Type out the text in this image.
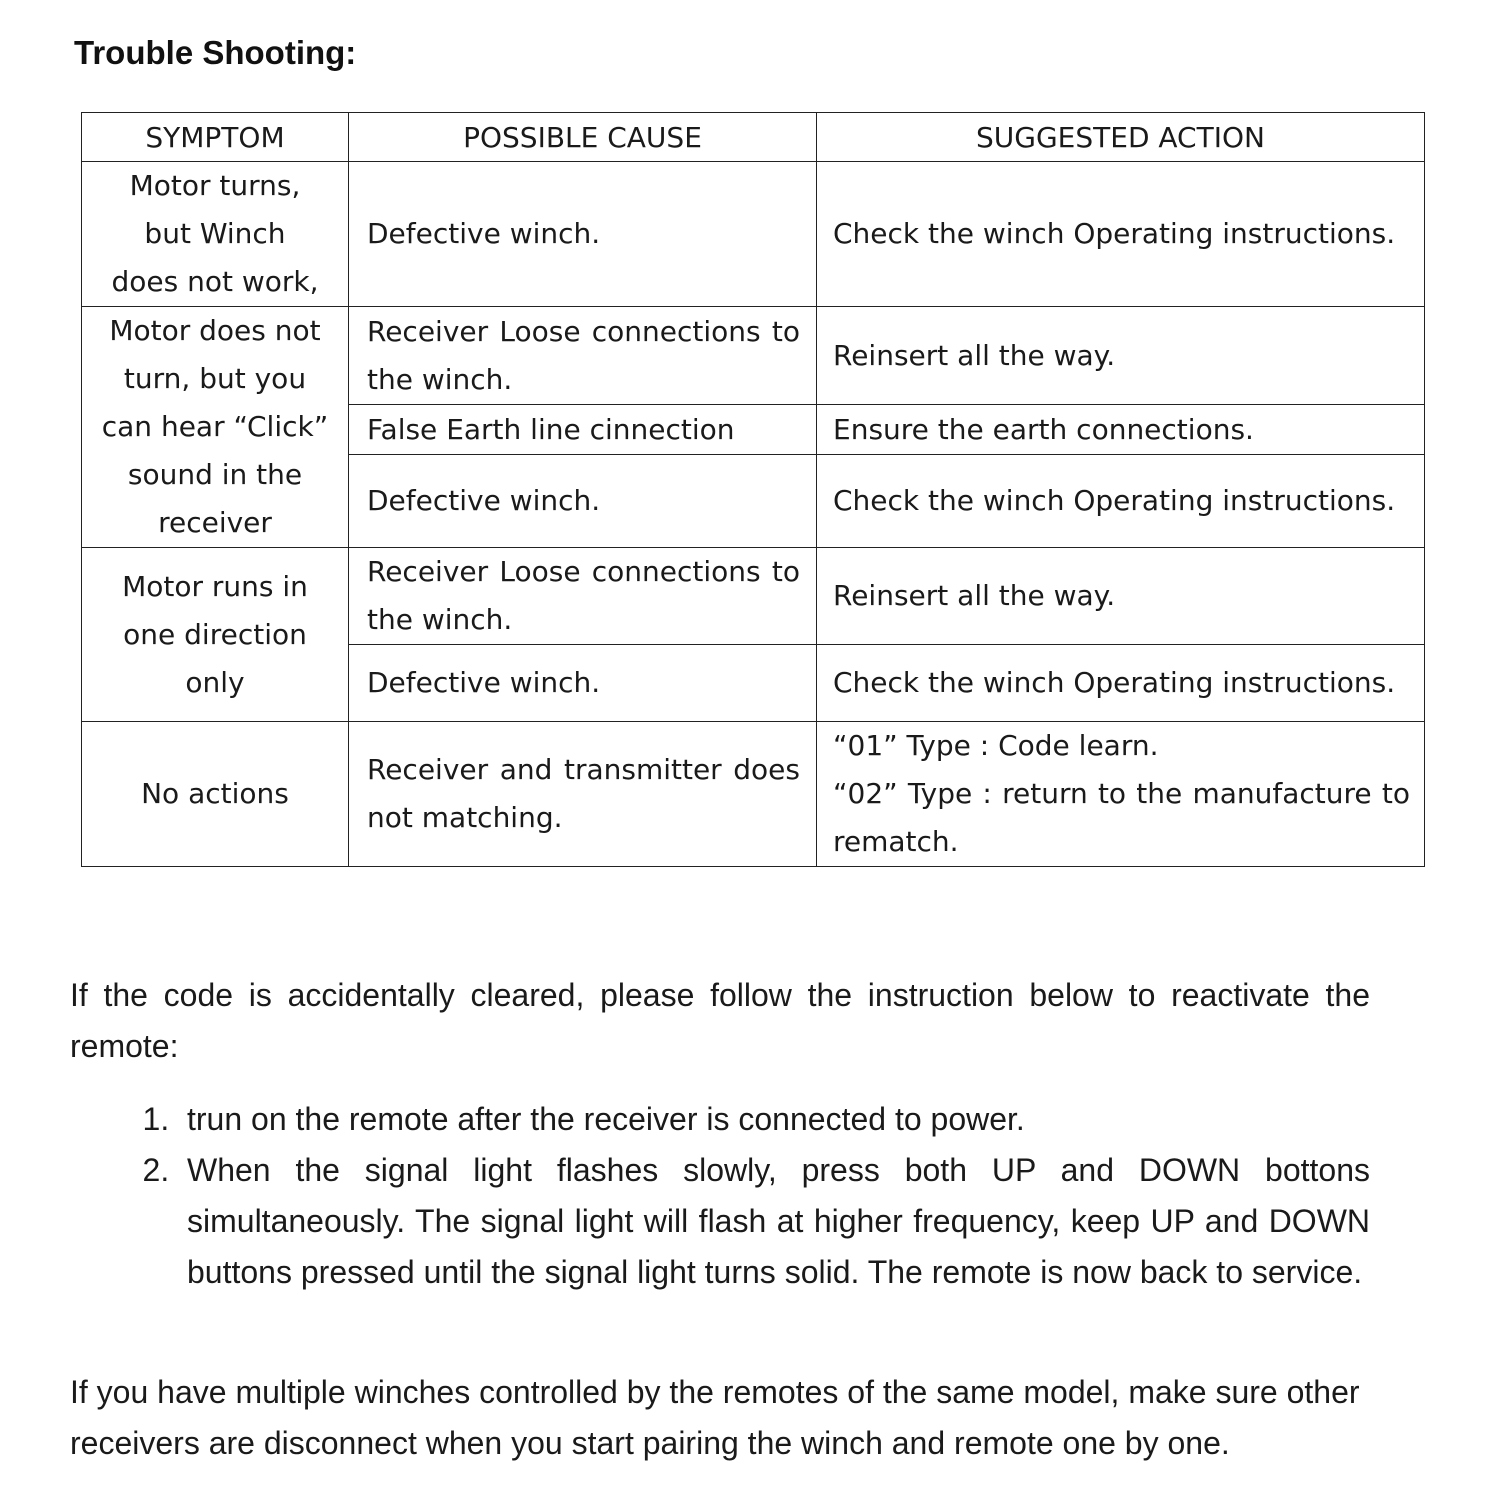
Trouble Shooting:
SYMPTOM	POSSIBLE CAUSE	SUGGESTED ACTION

Motor turns,
but Winch
does not work,	Defective winch.	Check the winch Operating instructions.

Motor does not
turn, but you
can hear “Click”
sound in the
receiver	Receiver Loose connections to the winch.	Reinsert all the way.
	False Earth line cinnection	Ensure the earth connections.
	Defective winch.	Check the winch Operating instructions.

Motor runs in
one direction
only	Receiver Loose connections to the winch.	Reinsert all the way.
	Defective winch.	Check the winch Operating instructions.

No actions	Receiver and transmitter does not matching.	“01” Type : Code learn.
“02” Type : return to the manufacture to rematch.
If the code is accidentally cleared, please follow the instruction below to reactivate the remote:
1. trun on the remote after the receiver is connected to power.
2. When the signal light flashes slowly, press both UP and DOWN bottons simultaneously. The signal light will flash at higher frequency, keep UP and DOWN buttons pressed until the signal light turns solid. The remote is now back to service.
If you have multiple winches controlled by the remotes of the same model, make sure other receivers are disconnect when you start pairing the winch and remote one by one.
